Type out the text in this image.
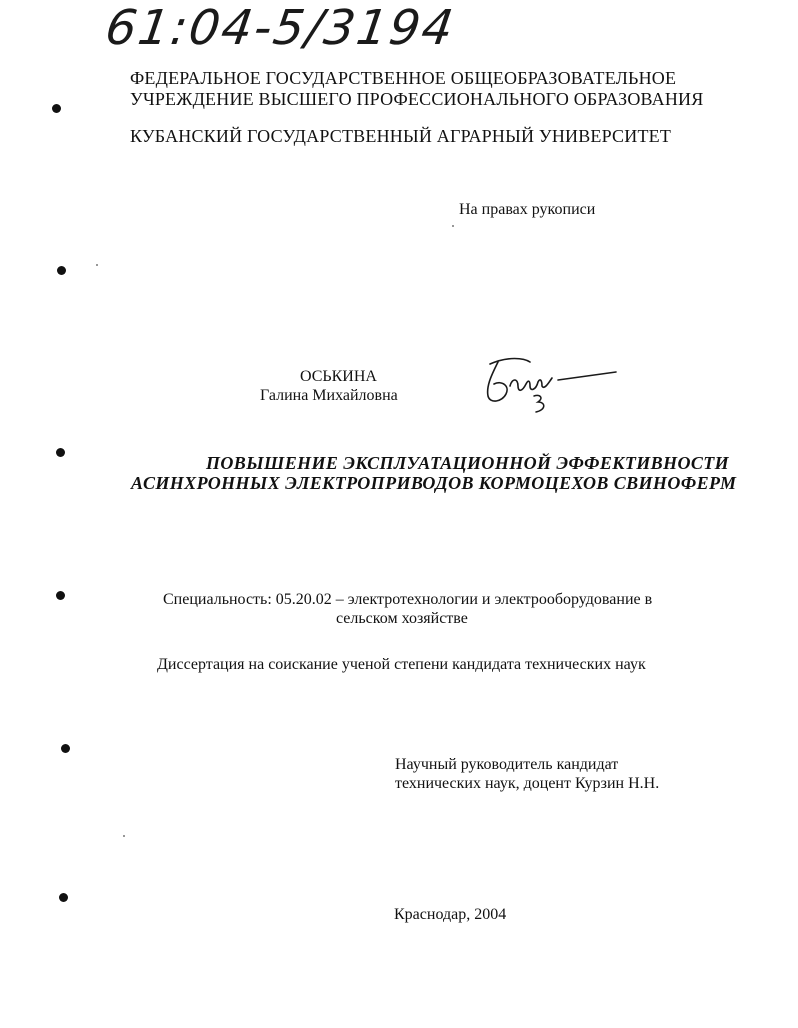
61:04-5/3194
ФЕДЕРАЛЬНОЕ ГОСУДАРСТВЕННОЕ ОБЩЕОБРАЗОВАТЕЛЬНОЕ
УЧРЕЖДЕНИЕ ВЫСШЕГО ПРОФЕССИОНАЛЬНОГО ОБРАЗОВАНИЯ
КУБАНСКИЙ ГОСУДАРСТВЕННЫЙ АГРАРНЫЙ УНИВЕРСИТЕТ
На правах рукописи
ОСЬКИНА
Галина Михайловна
ПОВЫШЕНИЕ ЭКСПЛУАТАЦИОННОЙ ЭФФЕКТИВНОСТИ
АСИНХРОННЫХ ЭЛЕКТРОПРИВОДОВ КОРМОЦЕХОВ СВИНОФЕРМ
Специальность: 05.20.02 – электротехнологии и электрооборудование в
сельском хозяйстве
Диссертация на соискание ученой степени кандидата технических наук
Научный руководитель кандидат
технических наук, доцент Курзин Н.Н.
Краснодар, 2004
